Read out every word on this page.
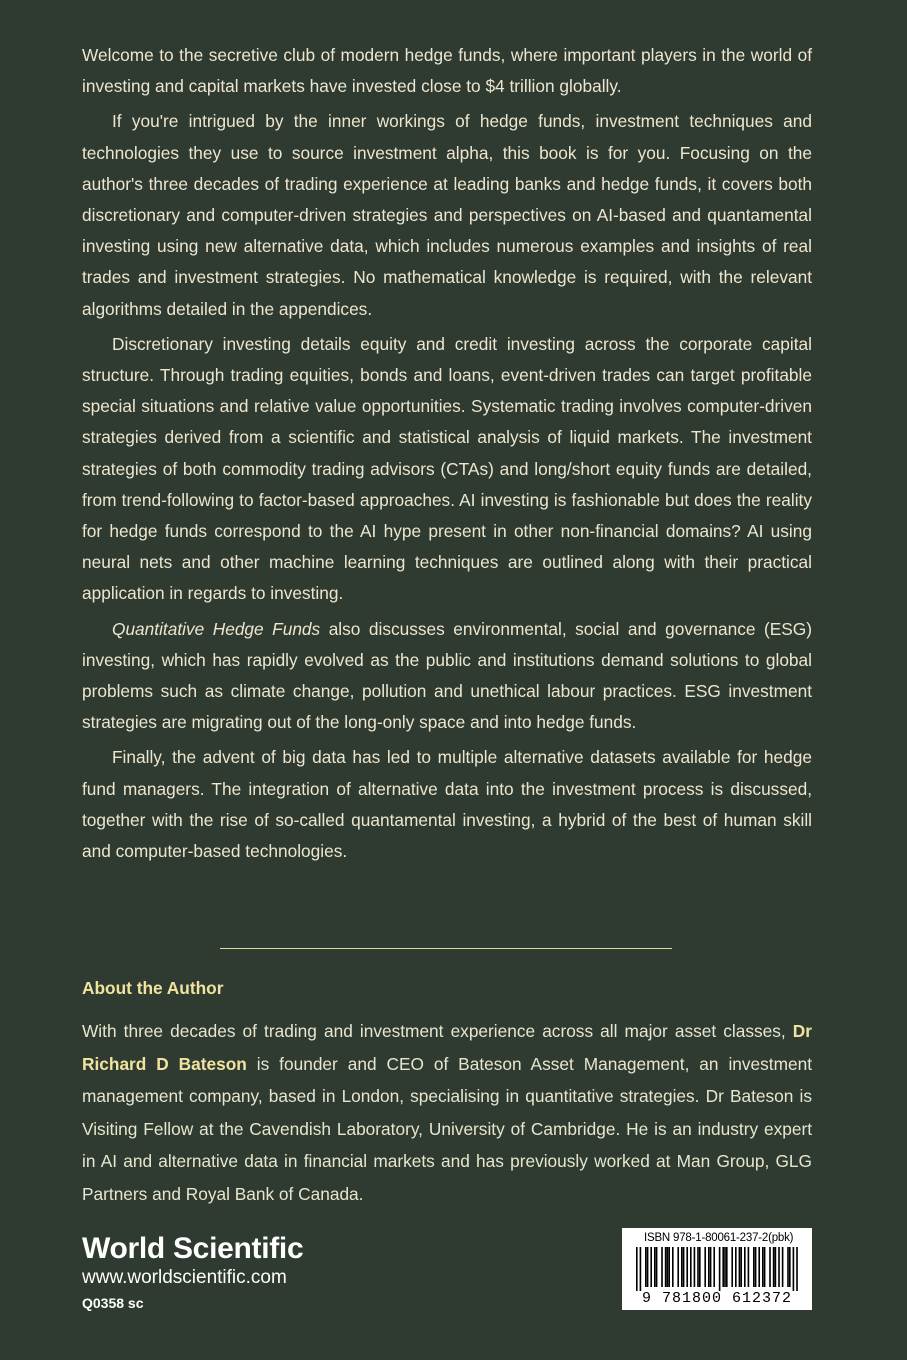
Welcome to the secretive club of modern hedge funds, where important players in the world of investing and capital markets have invested close to $4 trillion globally.

If you're intrigued by the inner workings of hedge funds, investment techniques and technologies they use to source investment alpha, this book is for you. Focusing on the author's three decades of trading experience at leading banks and hedge funds, it covers both discretionary and computer-driven strategies and perspectives on AI-based and quantamental investing using new alternative data, which includes numerous examples and insights of real trades and investment strategies. No mathematical knowledge is required, with the relevant algorithms detailed in the appendices.

Discretionary investing details equity and credit investing across the corporate capital structure. Through trading equities, bonds and loans, event-driven trades can target profitable special situations and relative value opportunities. Systematic trading involves computer-driven strategies derived from a scientific and statistical analysis of liquid markets. The investment strategies of both commodity trading advisors (CTAs) and long/short equity funds are detailed, from trend-following to factor-based approaches. AI investing is fashionable but does the reality for hedge funds correspond to the AI hype present in other non-financial domains? AI using neural nets and other machine learning techniques are outlined along with their practical application in regards to investing.

Quantitative Hedge Funds also discusses environmental, social and governance (ESG) investing, which has rapidly evolved as the public and institutions demand solutions to global problems such as climate change, pollution and unethical labour practices. ESG investment strategies are migrating out of the long-only space and into hedge funds.

Finally, the advent of big data has led to multiple alternative datasets available for hedge fund managers. The integration of alternative data into the investment process is discussed, together with the rise of so-called quantamental investing, a hybrid of the best of human skill and computer-based technologies.

About the Author

With three decades of trading and investment experience across all major asset classes, Dr Richard D Bateson is founder and CEO of Bateson Asset Management, an investment management company, based in London, specialising in quantitative strategies. Dr Bateson is Visiting Fellow at the Cavendish Laboratory, University of Cambridge. He is an industry expert in AI and alternative data in financial markets and has previously worked at Man Group, GLG Partners and Royal Bank of Canada.

World Scientific
www.worldscientific.com
Q0358 sc
ISBN 978-1-80061-237-2(pbk)
9 781800 612372
